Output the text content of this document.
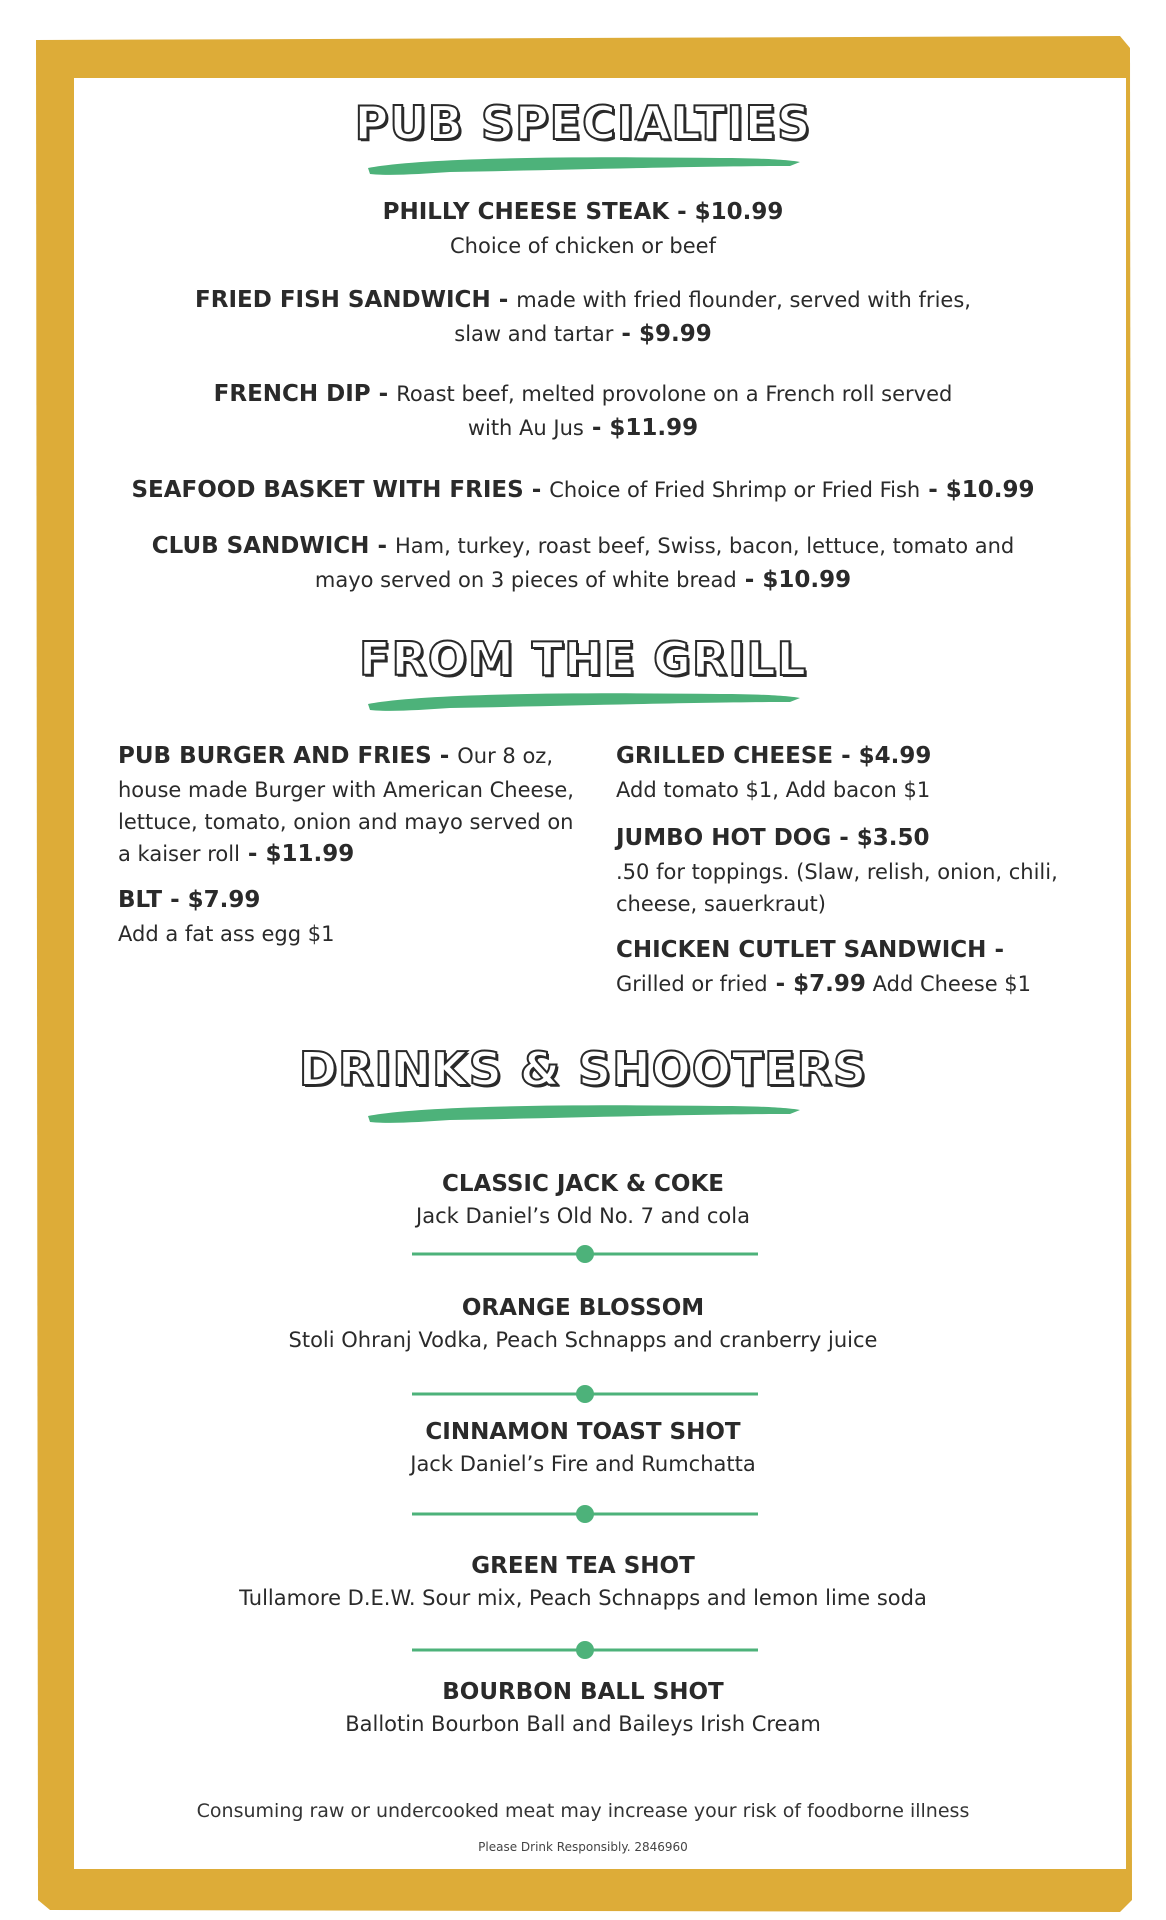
PUB SPECIALTIES
PHILLY CHEESE STEAK - $10.99
Choice of chicken or beef
FRIED FISH SANDWICH - made with fried flounder, served with fries,
slaw and tartar - $9.99
FRENCH DIP - Roast beef, melted provolone on a French roll served
with Au Jus - $11.99
SEAFOOD BASKET WITH FRIES - Choice of Fried Shrimp or Fried Fish - $10.99
CLUB SANDWICH - Ham, turkey, roast beef, Swiss, bacon, lettuce, tomato and
mayo served on 3 pieces of white bread - $10.99
FROM THE GRILL
PUB BURGER AND FRIES - Our 8 oz,
house made Burger with American Cheese,
lettuce, tomato, onion and mayo served on
a kaiser roll - $11.99
BLT - $7.99
Add a fat ass egg $1
GRILLED CHEESE - $4.99
Add tomato $1, Add bacon $1
JUMBO HOT DOG - $3.50
.50 for toppings. (Slaw, relish, onion, chili,
cheese, sauerkraut)
CHICKEN CUTLET SANDWICH -
Grilled or fried - $7.99 Add Cheese $1
DRINKS & SHOOTERS
CLASSIC JACK & COKE
Jack Daniel’s Old No. 7 and cola
ORANGE BLOSSOM
Stoli Ohranj Vodka, Peach Schnapps and cranberry juice
CINNAMON TOAST SHOT
Jack Daniel’s Fire and Rumchatta
GREEN TEA SHOT
Tullamore D.E.W. Sour mix, Peach Schnapps and lemon lime soda
BOURBON BALL SHOT
Ballotin Bourbon Ball and Baileys Irish Cream
Consuming raw or undercooked meat may increase your risk of foodborne illness
Please Drink Responsibly. 2846960
